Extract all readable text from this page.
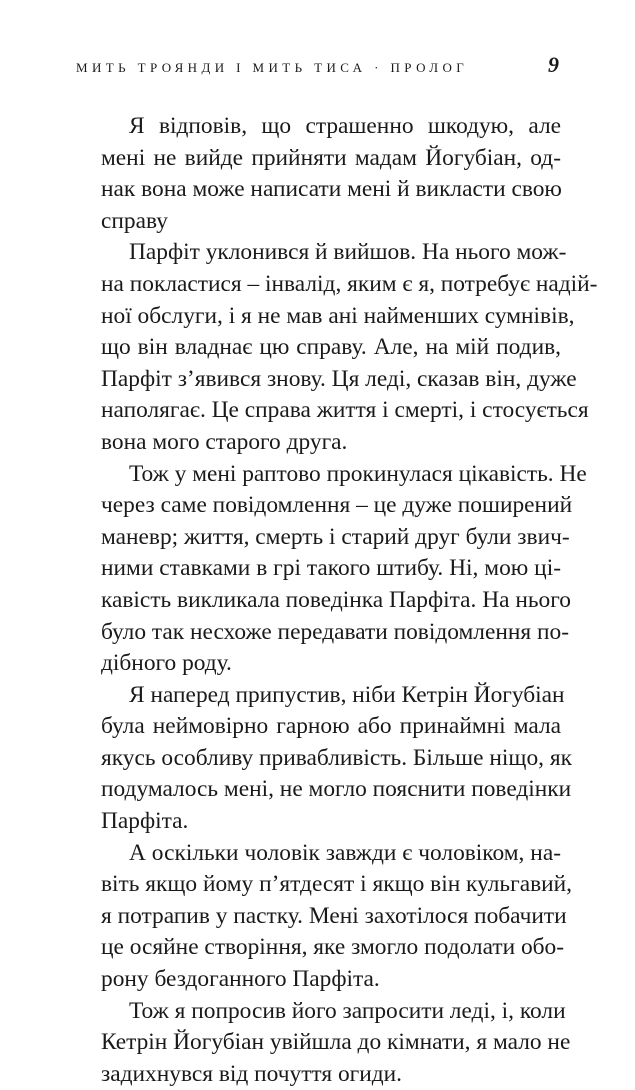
МИТЬ ТРОЯНДИ І МИТЬ ТИСА · ПРОЛОГ	9
Я відповів, що страшенно шкодую, але
мені не вийде прийняти мадам Йогубіан, од-
нак вона може написати мені й викласти свою
справу
Парфіт уклонився й вийшов. На нього мож-
на покластися – інвалід, яким є я, потребує надій-
ної обслуги, і я не мав ані найменших сумнівів,
що він владнає цю справу. Але, на мій подив,
Парфіт з’явився знову. Ця леді, сказав він, дуже
наполягає. Це справа життя і смерті, і стосується
вона мого старого друга.
Тож у мені раптово прокинулася цікавість. Не
через саме повідомлення – це дуже поширений
маневр; життя, смерть і старий друг були звич-
ними ставками в грі такого штибу. Ні, мою ці-
кавість викликала поведінка Парфіта. На нього
було так несхоже передавати повідомлення по-
дібного роду.
Я наперед припустив, ніби Кетрін Йогубіан
була неймовірно гарною або принаймні мала
якусь особливу привабливість. Більше ніщо, як
подумалось мені, не могло пояснити поведінки
Парфіта.
А оскільки чоловік завжди є чоловіком, на-
віть якщо йому п’ятдесят і якщо він кульгавий,
я потрапив у пастку. Мені захотілося побачити
це осяйне створіння, яке змогло подолати обо-
рону бездоганного Парфіта.
Тож я попросив його запросити леді, і, коли
Кетрін Йогубіан увійшла до кімнати, я мало не
задихнувся від почуття огиди.
